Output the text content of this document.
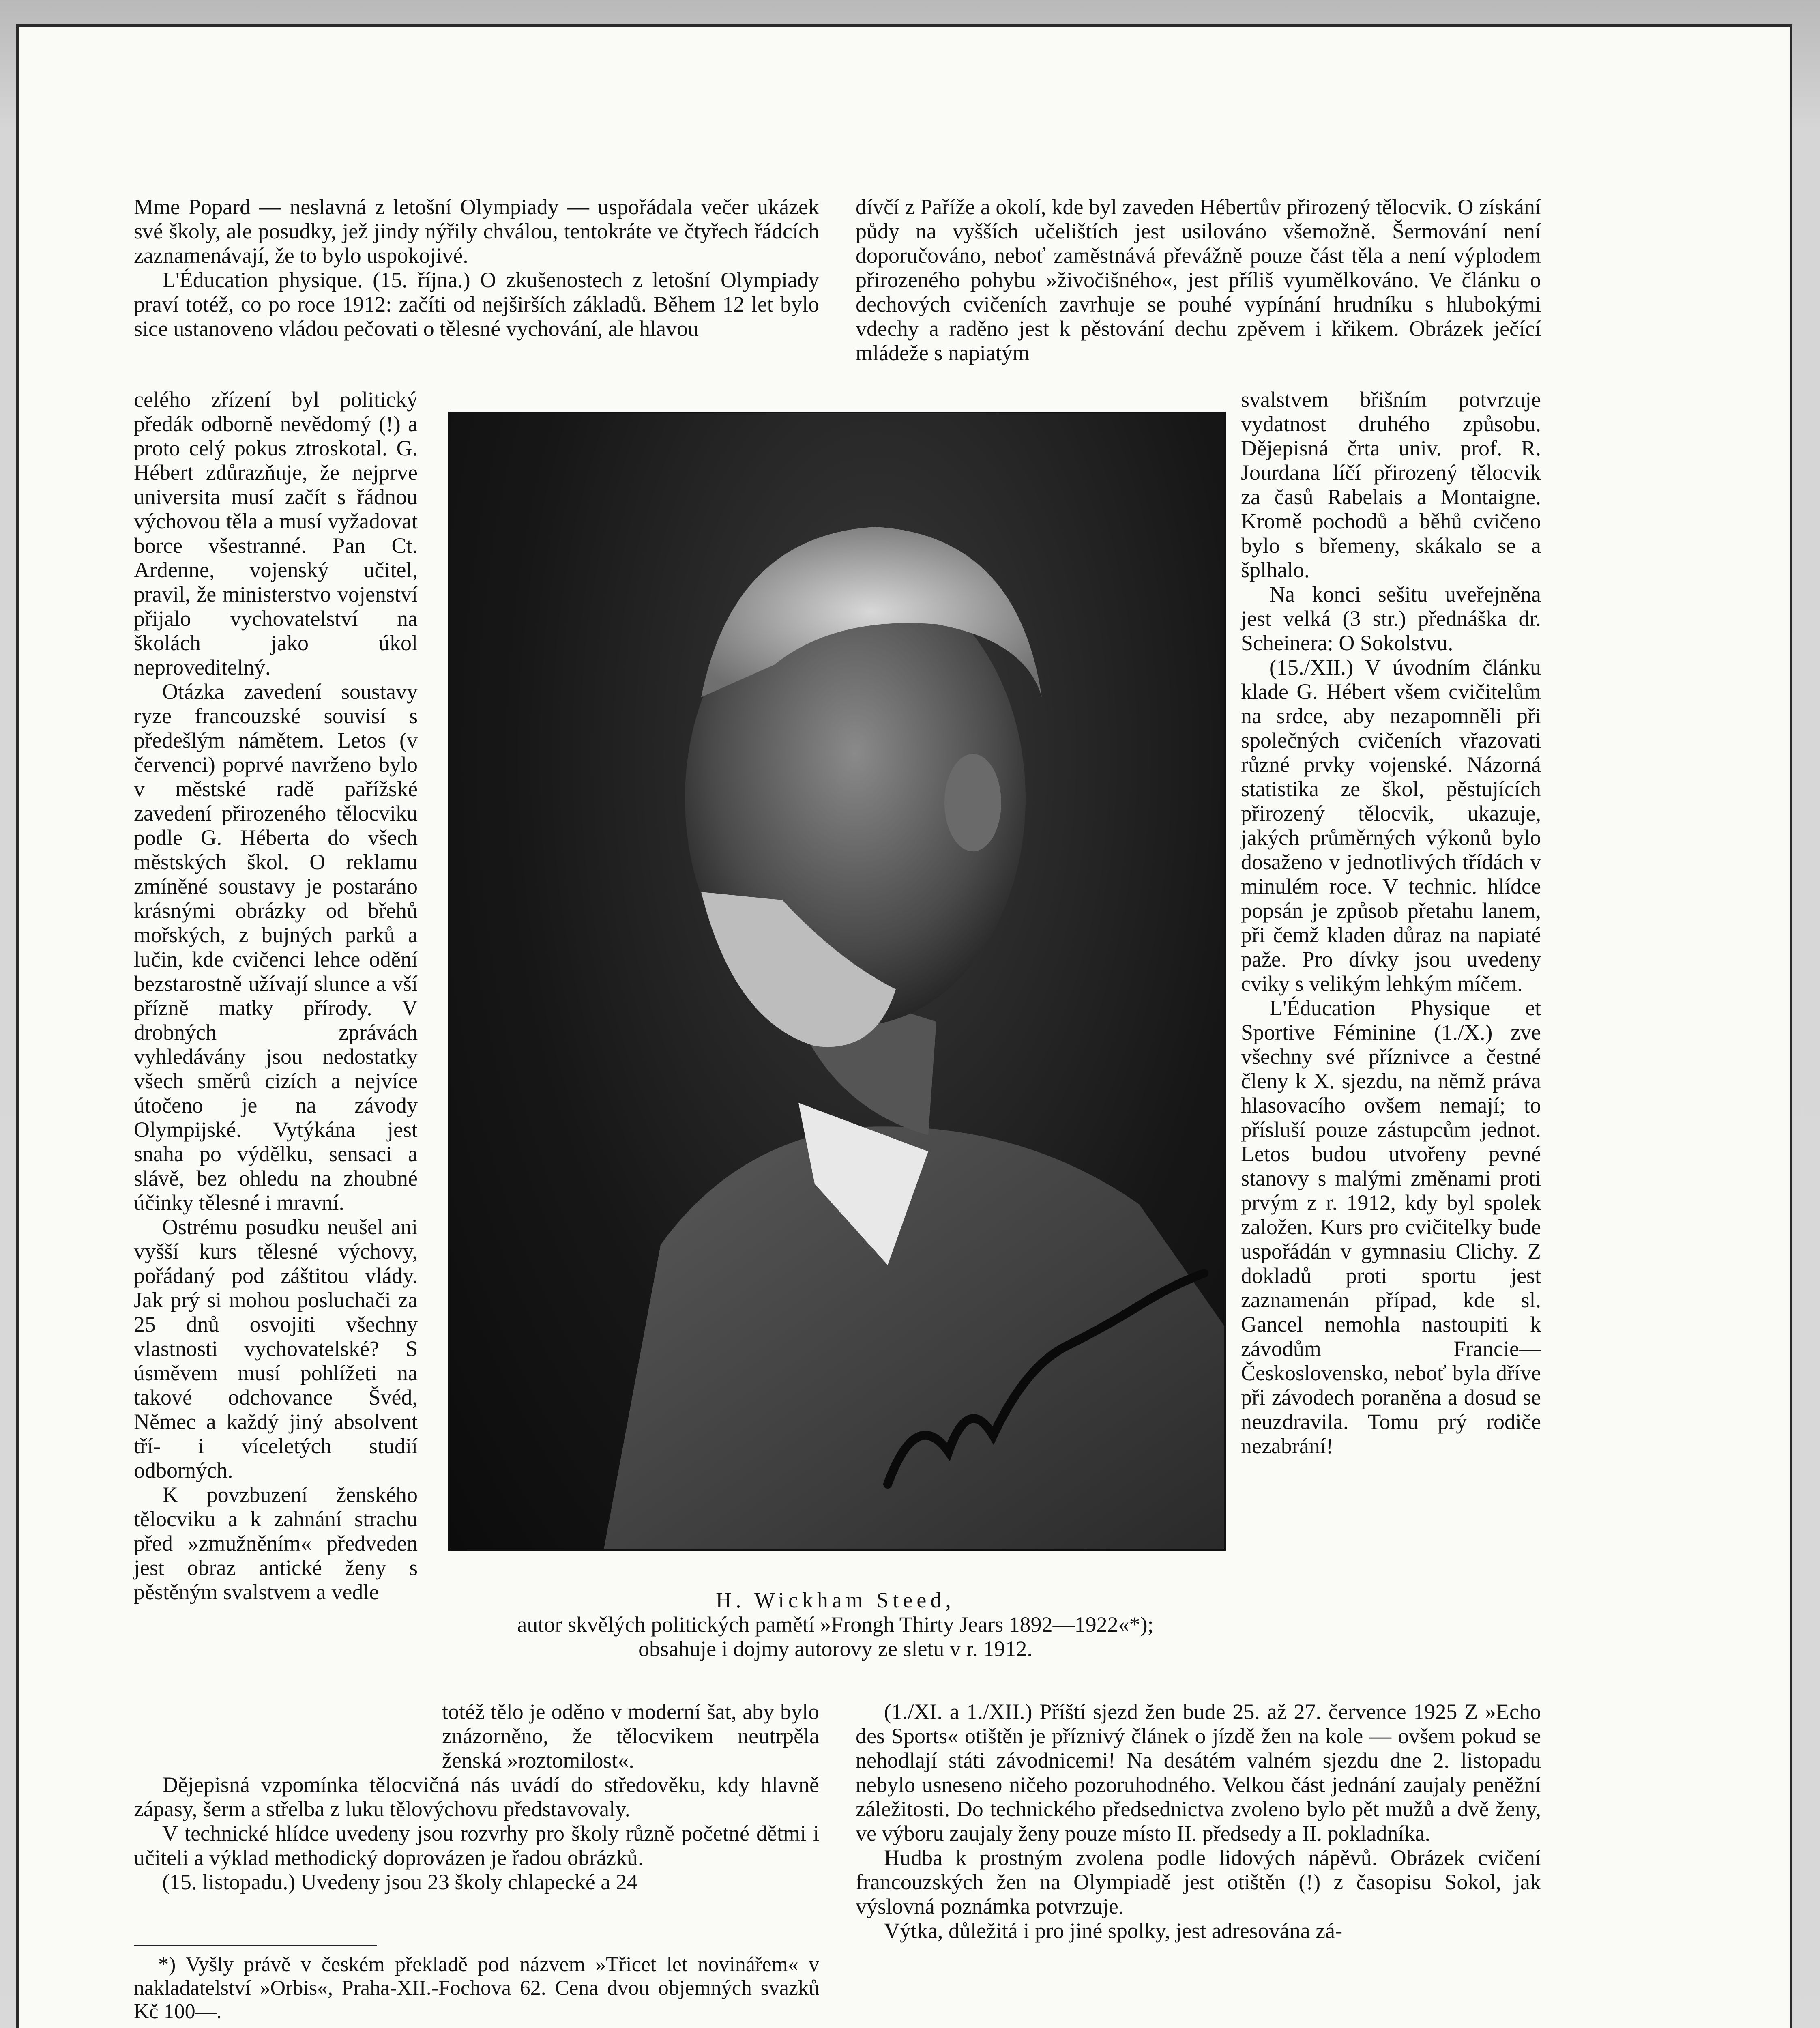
Mme Popard — neslavná z letošní Olympiady — uspořádala večer ukázek své školy, ale posudky, jež jindy nýřily chválou, tentokráte ve čtyřech řádcích zaznamenávají, že to bylo uspokojivé.

L'Éducation physique. (15. října.) O zkušenostech z letošní Olympiady praví totéž, co po roce 1912: začíti od nejširších základů. Během 12 let bylo sice ustanoveno vládou pečovati o tělesné vychování, ale hlavou

celého zřízení byl politický předák odborně nevědomý (!) a proto celý pokus ztroskotal. G. Hébert zdůrazňuje, že nejprve universita musí začít s řádnou výchovou těla a musí vyžadovat borce všestranné. Pan Ct. Ardenne, vojenský učitel, pravil, že ministerstvo vojenství přijalo vychovatelství na školách jako úkol neproveditelný.

Otázka zavedení soustavy ryze francouzské souvisí s předešlým námětem. Letos (v červenci) poprvé navrženo bylo v městské radě pařížské zavedení přirozeného tělocviku podle G. Héberta do všech městských škol. O reklamu zmíněné soustavy je postaráno krásnými obrázky od břehů mořských, z bujných parků a lučin, kde cvičenci lehce odění bezstarostně užívají slunce a vší přízně matky přírody. V drobných zprávách vyhledávány jsou nedostatky všech směrů cizích a nejvíce útočeno je na závody Olympijské. Vytýkána jest snaha po výdělku, sensaci a slávě, bez ohledu na zhoubné účinky tělesné i mravní.

Ostrému posudku neušel ani vyšší kurs tělesné výchovy, pořádaný pod záštitou vlády. Jak prý si mohou posluchači za 25 dnů osvojiti všechny vlastnosti vychovatelské? S úsměvem musí pohlížeti na takové odchovance Švéd, Němec a každý jiný absolvent tří- i víceletých studií odborných.

K povzbuzení ženského tělocviku a k zahnání strachu před »zmužněním« předveden jest obraz antické ženy s pěstěným svalstvem a vedle

dívčí z Paříže a okolí, kde byl zaveden Hébertův přirozený tělocvik. O získání půdy na vyšších učelištích jest usilováno všemožně. Šermování není doporučováno, neboť zaměstnává převážně pouze část těla a není výplodem přirozeného pohybu »živočišného«, jest příliš vyumělkováno. Ve článku o dechových cvičeních zavrhuje se pouhé vypínání hrudníku s hlubokými vdechy a raděno jest k pěstování dechu zpěvem i křikem. Obrázek ječící mládeže s napiatým

svalstvem břišním potvrzuje vydatnost druhého způsobu. Dějepisná črta univ. prof. R. Jourdana líčí přirozený tělocvik za časů Rabelais a Montaigne. Kromě pochodů a běhů cvičeno bylo s břemeny, skákalo se a šplhalo.

Na konci sešitu uveřejněna jest velká (3 str.) přednáška dr. Scheinera: O Sokolstvu.

(15./XII.) V úvodním článku klade G. Hébert všem cvičitelům na srdce, aby nezapomněli při společných cvičeních vřazovati různé prvky vojenské. Názorná statistika ze škol, pěstujících přirozený tělocvik, ukazuje, jakých průměrných výkonů bylo dosaženo v jednotlivých třídách v minulém roce. V technic. hlídce popsán je způsob přetahu lanem, při čemž kladen důraz na napiaté paže. Pro dívky jsou uvedeny cviky s velikým lehkým míčem.

L'Éducation Physique et Sportive Féminine (1./X.) zve všechny své příznivce a čestné členy k X. sjezdu, na němž práva hlasovacího ovšem nemají; to přísluší pouze zástupcům jednot. Letos budou utvořeny pevné stanovy s malými změnami proti prvým z r. 1912, kdy byl spolek založen. Kurs pro cvičitelky bude uspořádán v gymnasiu Clichy. Z dokladů proti sportu jest zaznamenán případ, kde sl. Gancel nemohla nastoupiti k závodům Francie—Československo, neboť byla dříve při závodech poraněna a dosud se neuzdravila. Tomu prý rodiče nezabrání!

H. Wickham Steed,
autor skvělých politických pamětí »Frongh Thirty Jears 1892—1922«*);
obsahuje i dojmy autorovy ze sletu v r. 1912.

totéž tělo je oděno v moderní šat, aby bylo znázorněno, že tělocvikem neutrpěla ženská »roztomilost«.

Dějepisná vzpomínka tělocvičná nás uvádí do středověku, kdy hlavně zápasy, šerm a střelba z luku tělovýchovu představovaly.

V technické hlídce uvedeny jsou rozvrhy pro školy různě početné dětmi i učiteli a výklad methodický doprovázen je řadou obrázků.

(15. listopadu.) Uvedeny jsou 23 školy chlapecké a 24

(1./XI. a 1./XII.) Příští sjezd žen bude 25. až 27. července 1925 Z »Echo des Sports« otištěn je příznivý článek o jízdě žen na kole — ovšem pokud se nehodlají státi závodnicemi! Na desátém valném sjezdu dne 2. listopadu nebylo usneseno ničeho pozoruhodného. Velkou část jednání zaujaly peněžní záležitosti. Do technického předsednictva zvoleno bylo pět mužů a dvě ženy, ve výboru zaujaly ženy pouze místo II. předsedy a II. pokladníka.

Hudba k prostným zvolena podle lidových nápěvů. Obrázek cvičení francouzských žen na Olympiadě jest otištěn (!) z časopisu Sokol, jak výslovná poznámka potvrzuje.

Výtka, důležitá i pro jiné spolky, jest adresována zá-

*) Vyšly právě v českém překladě pod názvem »Třicet let novinářem« v nakladatelství »Orbis«, Praha-XII.-Fochova 62. Cena dvou objemných svazků Kč 100—.
